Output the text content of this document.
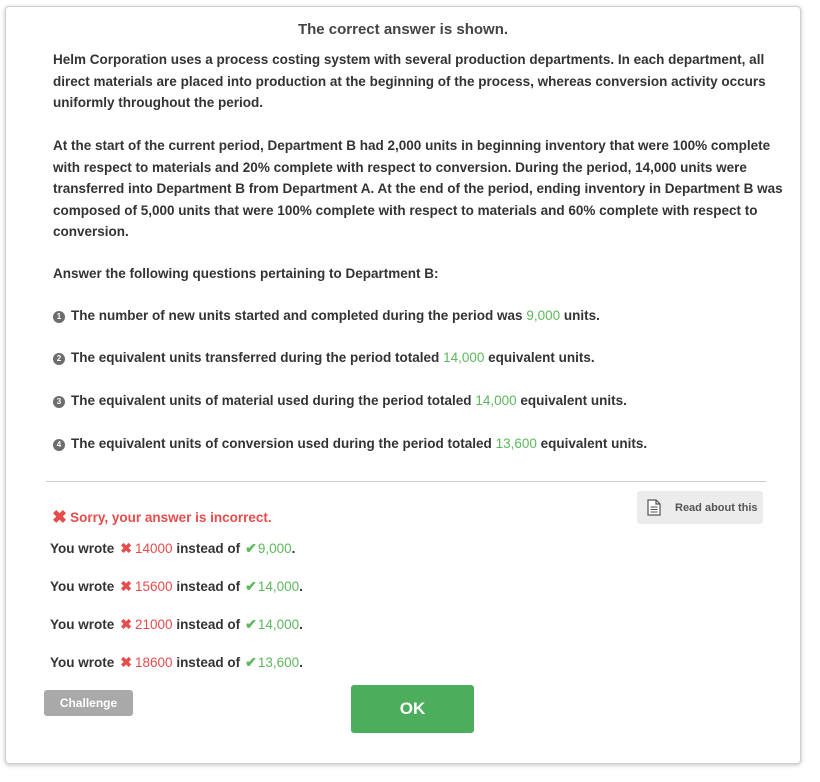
The correct answer is shown.

Helm Corporation uses a process costing system with several production departments. In each department, all direct materials are placed into production at the beginning of the process, whereas conversion activity occurs uniformly throughout the period.

At the start of the current period, Department B had 2,000 units in beginning inventory that were 100% complete with respect to materials and 20% complete with respect to conversion. During the period, 14,000 units were transferred into Department B from Department A. At the end of the period, ending inventory in Department B was composed of 5,000 units that were 100% complete with respect to materials and 60% complete with respect to conversion.

Answer the following questions pertaining to Department B:

1 The number of new units started and completed during the period was 9,000 units.
2 The equivalent units transferred during the period totaled 14,000 equivalent units.
3 The equivalent units of material used during the period totaled 14,000 equivalent units.
4 The equivalent units of conversion used during the period totaled 13,600 equivalent units.
✖ Sorry, your answer is incorrect.
Read about this
You wrote ✖ 14000 instead of ✔9,000.
You wrote ✖ 15600 instead of ✔14,000.
You wrote ✖ 21000 instead of ✔14,000.
You wrote ✖ 18600 instead of ✔13,600.
Challenge	OK
